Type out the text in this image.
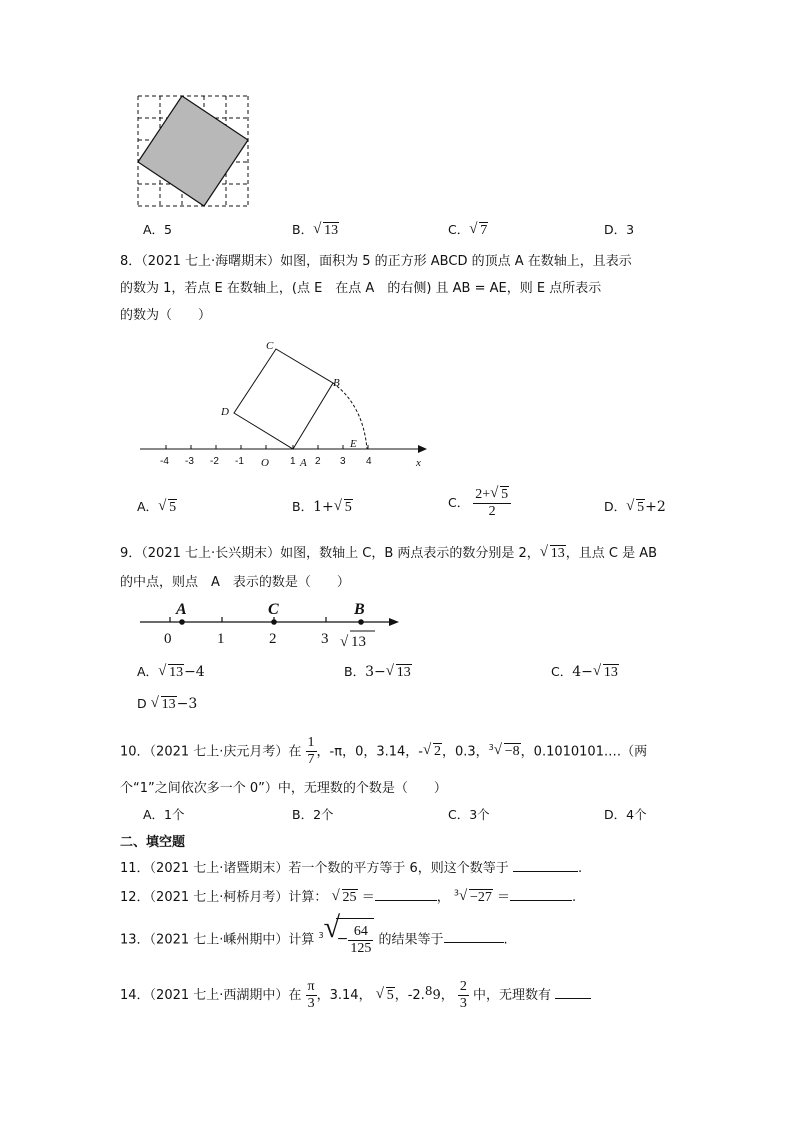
A．5	B． √ 13	C． √ 7	D．3
8．（2021 七上·海曙期末）如图，面积为 5 的正方形 ABCD 的顶点 A 在数轴上，且表示
的数为 1，若点 E 在数轴上，(点 E　在点 A　的右侧) 且 AB = AE，则 E 点所表示
的数为（　　）
C
B
D
E
A
O	x
-4 -3 -2 -1	1 2 3 4
A． √ 5	B．1+ √ 5	C． $\frac{2+ √ 5}{2}$	D． √ 5+2
9．（2021 七上·长兴期末）如图，数轴上 C，B 两点表示的数分别是 2， √ 13，且点 C 是 AB
的中点，则点　A　表示的数是（　　）
A	C	B
0	1	2	3 √ 13
A． √ 13−4	B．3− √ 13	C．4− √ 13
D √ 13−3
10．（2021 七上·庆元月考）在 $\frac{1}{7}$ ，-π，0，3.14，- √ 2，0.3，$^3$ √ −8，0.1010101.…（两
个“1”之间依次多一个 0”）中，无理数的个数是（　　）
A．1个	B．2个	C．3个	D．4个
二、填空题
11．（2021 七上·诸暨期末）若一个数的平方等于 6，则这个数等于	.
12．（2021 七上·柯桥月考）计算： √ 25 ＝	， $^3$ √ −27 ＝	.
13．（2021 七上·嵊州期中）计算 $^3$ √
− $\frac{64}{125}$ 的结果等于	.
14．（2021 七上·西湖期中）在 $\frac{\pi}{3}$ ，3.14， √ 5，-2.89̇， $\frac{2}{3}$ 中，无理数有
